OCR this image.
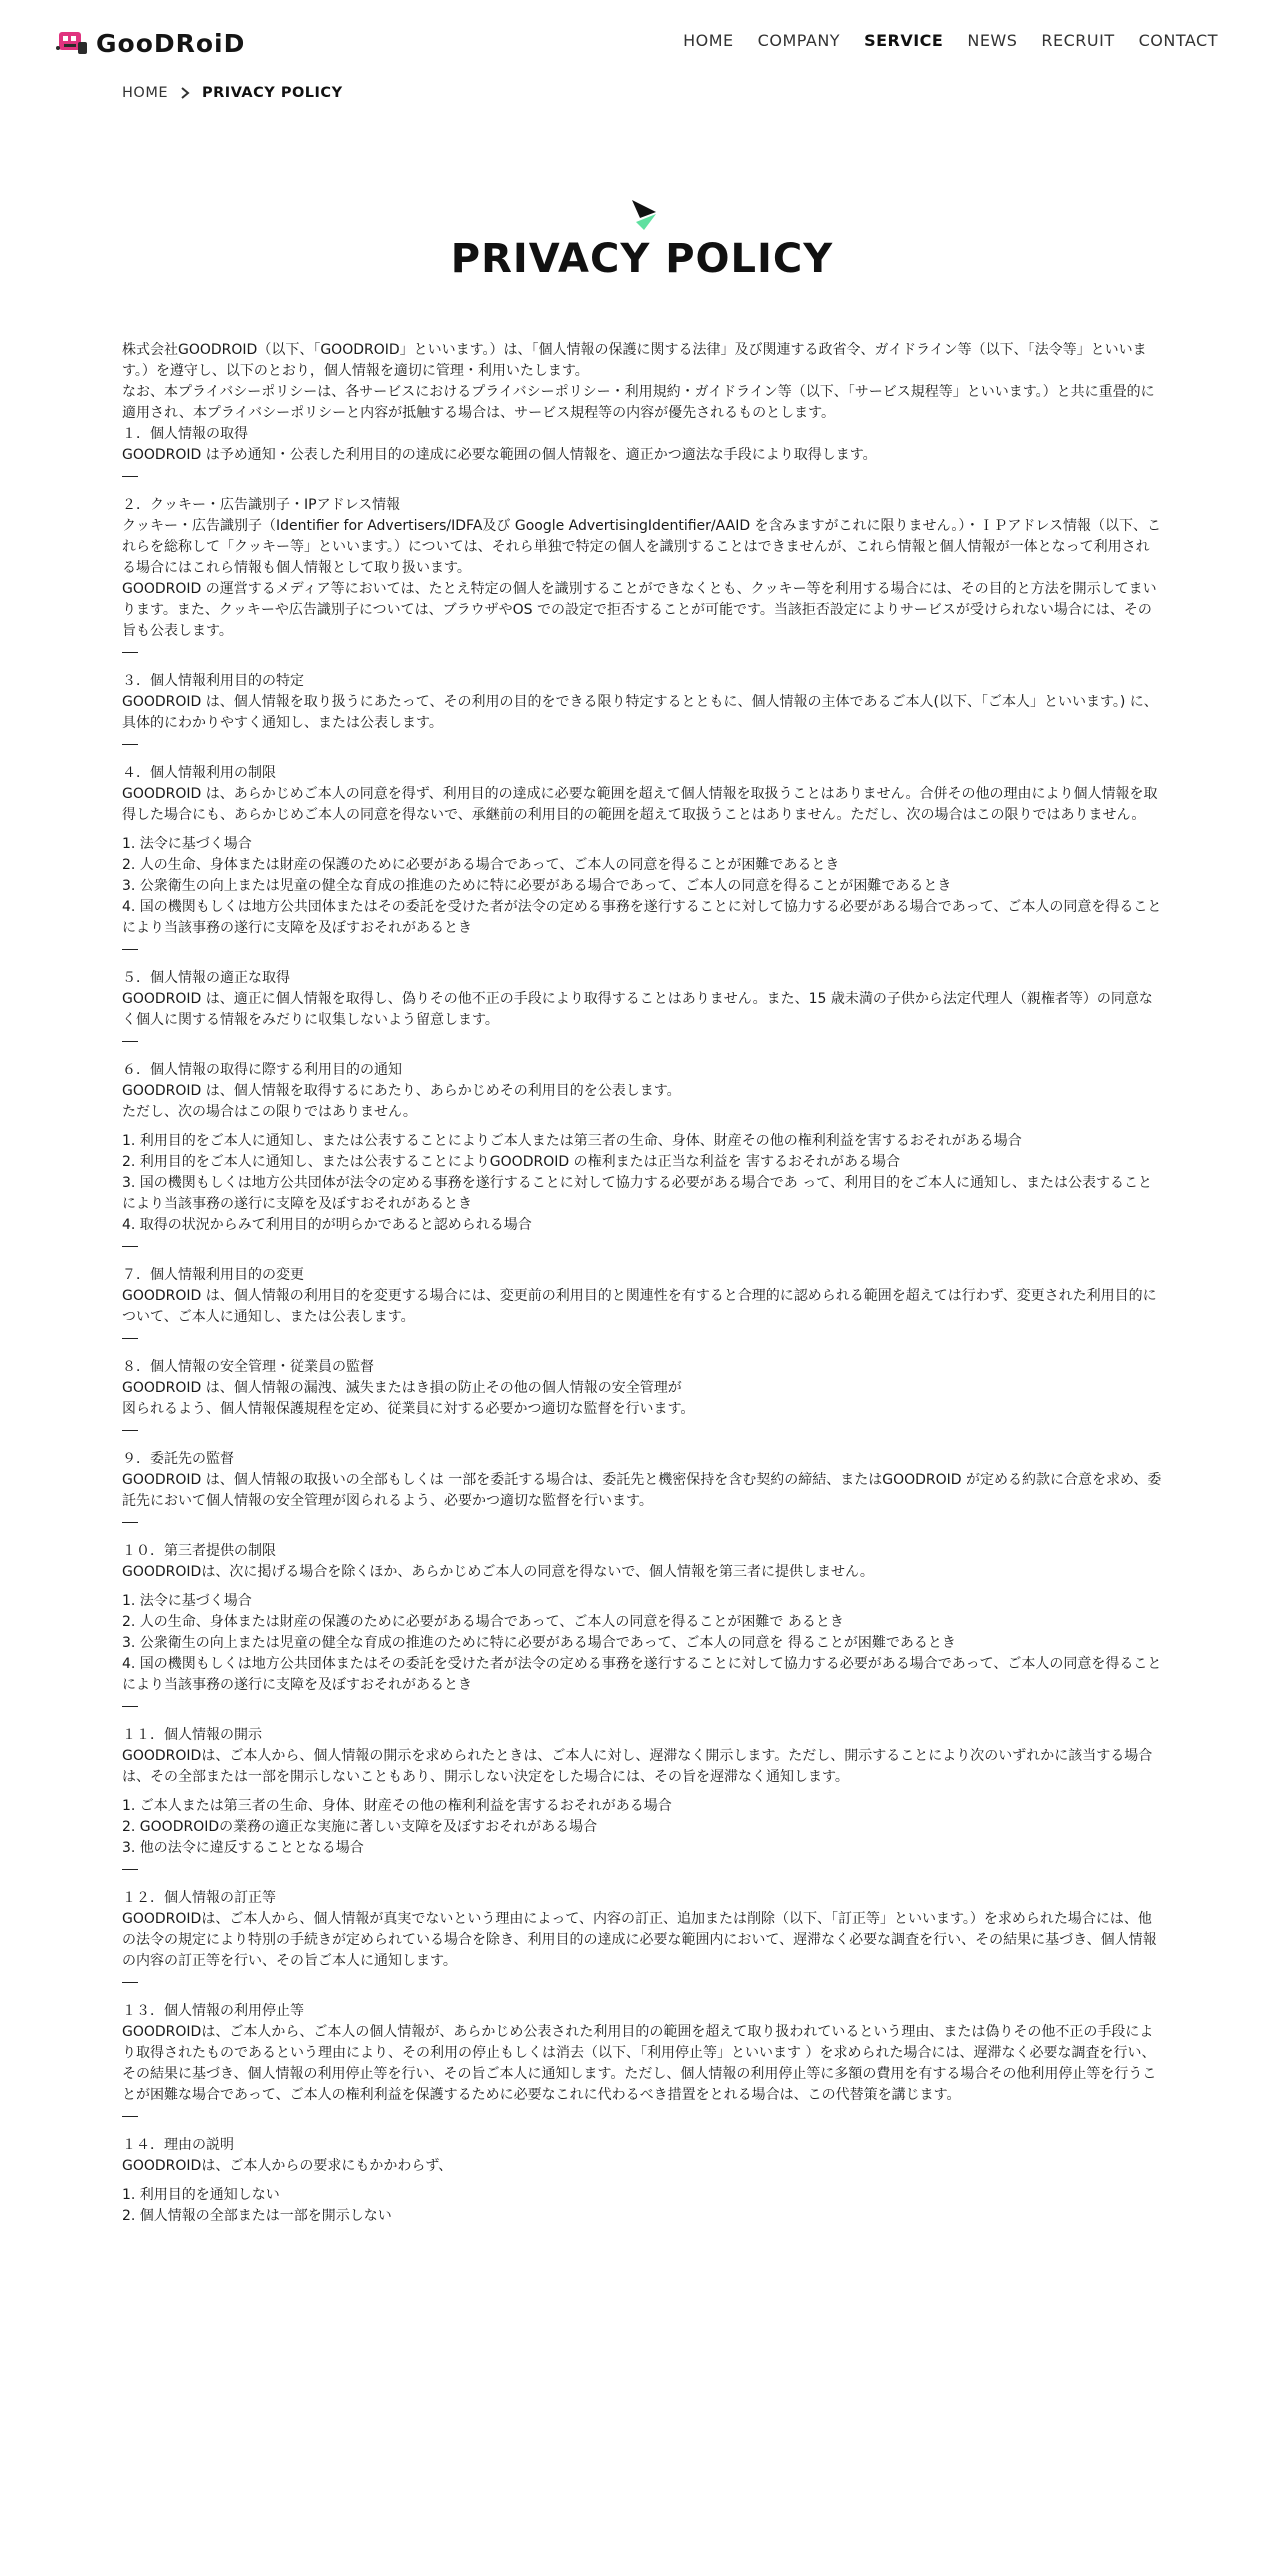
GooDRoiD	HOME COMPANY SERVICE NEWS RECRUIT CONTACT
HOME PRIVACY POLICY
PRIVACY POLICY

株式会社GOODROID（以下、「GOODROID」といいます。）は、「個人情報の保護に関する法律」及び関連する政省令、ガイドライン等（以下、「法令等」といいます。）を遵守し、以下のとおり，個人情報を適切に管理・利用いたします。
なお、本プライバシーポリシーは、各サービスにおけるプライバシーポリシー・利用規約・ガイドライン等（以下、「サービス規程等」といいます。）と共に重畳的に適用され、本プライバシーポリシーと内容が抵触する場合は、サービス規程等の内容が優先されるものとします。

１．個人情報の取得

GOODROID は予め通知・公表した利用目的の達成に必要な範囲の個人情報を、適正かつ適法な手段により取得します。

２．クッキー・広告識別子・IPアドレス情報

クッキー・広告識別子（Identifier for Advertisers/IDFA及び Google AdvertisingIdentifier/AAID を含みますがこれに限りません。）・ＩＰアドレス情報（以下、これらを総称して「クッキー等」といいます。）については、それら単独で特定の個人を識別することはできませんが、これら情報と個人情報が一体となって利用される場合にはこれら情報も個人情報として取り扱います。
GOODROID の運営するメディア等においては、たとえ特定の個人を識別することができなくとも、クッキー等を利用する場合には、その目的と方法を開示してまいります。また、クッキーや広告識別子については、ブラウザやOS での設定で拒否することが可能です。当該拒否設定によりサービスが受けられない場合には、その旨も公表します。

３．個人情報利用目的の特定

GOODROID は、個人情報を取り扱うにあたって、その利用の目的をできる限り特定するとともに、個人情報の主体であるご本人(以下、「ご本人」といいます。) に、具体的にわかりやすく通知し、または公表します。

４．個人情報利用の制限

GOODROID は、あらかじめご本人の同意を得ず、利用目的の達成に必要な範囲を超えて個人情報を取扱うことはありません。合併その他の理由により個人情報を取得した場合にも、あらかじめご本人の同意を得ないで、承継前の利用目的の範囲を超えて取扱うことはありません。ただし、次の場合はこの限りではありません。

1. 法令に基づく場合
2. 人の生命、身体または財産の保護のために必要がある場合であって、ご本人の同意を得ることが困難であるとき
3. 公衆衛生の向上または児童の健全な育成の推進のために特に必要がある場合であって、ご本人の同意を得ることが困難であるとき
4. 国の機関もしくは地方公共団体またはその委託を受けた者が法令の定める事務を遂行することに対して協力する必要がある場合であって、ご本人の同意を得ることにより当該事務の遂行に支障を及ぼすおそれがあるとき

５．個人情報の適正な取得

GOODROID は、適正に個人情報を取得し、偽りその他不正の手段により取得することはありません。また、15 歳未満の子供から法定代理人（親権者等）の同意なく個人に関する情報をみだりに収集しないよう留意します。

６．個人情報の取得に際する利用目的の通知

GOODROID は、個人情報を取得するにあたり、あらかじめその利用目的を公表します。
ただし、次の場合はこの限りではありません。

1. 利用目的をご本人に通知し、または公表することによりご本人または第三者の生命、身体、財産その他の権利利益を害するおそれがある場合
2. 利用目的をご本人に通知し、または公表することによりGOODROID の権利または正当な利益を 害するおそれがある場合
3. 国の機関もしくは地方公共団体が法令の定める事務を遂行することに対して協力する必要がある場合であ って、利用目的をご本人に通知し、または公表することにより当該事務の遂行に支障を及ぼすおそれがあるとき
4. 取得の状況からみて利用目的が明らかであると認められる場合

７．個人情報利用目的の変更

GOODROID は、個人情報の利用目的を変更する場合には、変更前の利用目的と関連性を有すると合理的に認められる範囲を超えては行わず、変更された利用目的について、ご本人に通知し、または公表します。

８．個人情報の安全管理・従業員の監督

GOODROID は、個人情報の漏洩、滅失またはき損の防止その他の個人情報の安全管理が
図られるよう、個人情報保護規程を定め、従業員に対する必要かつ適切な監督を行います。

９．委託先の監督

GOODROID は、個人情報の取扱いの全部もしくは 一部を委託する場合は、委託先と機密保持を含む契約の締結、またはGOODROID が定める約款に合意を求め、委託先において個人情報の安全管理が図られるよう、必要かつ適切な監督を行います。

１０．第三者提供の制限

GOODROIDは、次に掲げる場合を除くほか、あらかじめご本人の同意を得ないで、個人情報を第三者に提供しません。

1. 法令に基づく場合
2. 人の生命、身体または財産の保護のために必要がある場合であって、ご本人の同意を得ることが困難で あるとき
3. 公衆衛生の向上または児童の健全な育成の推進のために特に必要がある場合であって、ご本人の同意を 得ることが困難であるとき
4. 国の機関もしくは地方公共団体またはその委託を受けた者が法令の定める事務を遂行することに対して協力する必要がある場合であって、ご本人の同意を得ることにより当該事務の遂行に支障を及ぼすおそれがあるとき

１１．個人情報の開示

GOODROIDは、ご本人から、個人情報の開示を求められたときは、ご本人に対し、遅滞なく開示します。ただし、開示することにより次のいずれかに該当する場合は、その全部または一部を開示しないこともあり、開示しない決定をした場合には、その旨を遅滞なく通知します。

1. ご本人または第三者の生命、身体、財産その他の権利利益を害するおそれがある場合
2. GOODROIDの業務の適正な実施に著しい支障を及ぼすおそれがある場合
3. 他の法令に違反することとなる場合

１２．個人情報の訂正等

GOODROIDは、ご本人から、個人情報が真実でないという理由によって、内容の訂正、追加または削除（以下、「訂正等」といいます。）を求められた場合には、他の法令の規定により特別の手続きが定められている場合を除き、利用目的の達成に必要な範囲内において、遅滞なく必要な調査を行い、その結果に基づき、個人情報の内容の訂正等を行い、その旨ご本人に通知します。

１３．個人情報の利用停止等

GOODROIDは、ご本人から、ご本人の個人情報が、あらかじめ公表された利用目的の範囲を超えて取り扱われているという理由、または偽りその他不正の手段により取得されたものであるという理由により、その利用の停止もしくは消去（以下、「利用停止等」といいます ）を求められた場合には、遅滞なく必要な調査を行い、その結果に基づき、個人情報の利用停止等を行い、その旨ご本人に通知します。ただし、個人情報の利用停止等に多額の費用を有する場合その他利用停止等を行うことが困難な場合であって、ご本人の権利利益を保護するために必要なこれに代わるべき措置をとれる場合は、この代替策を講じます。

１４．理由の説明

GOODROIDは、ご本人からの要求にもかかわらず、

1. 利用目的を通知しない
2. 個人情報の全部または一部を開示しない
